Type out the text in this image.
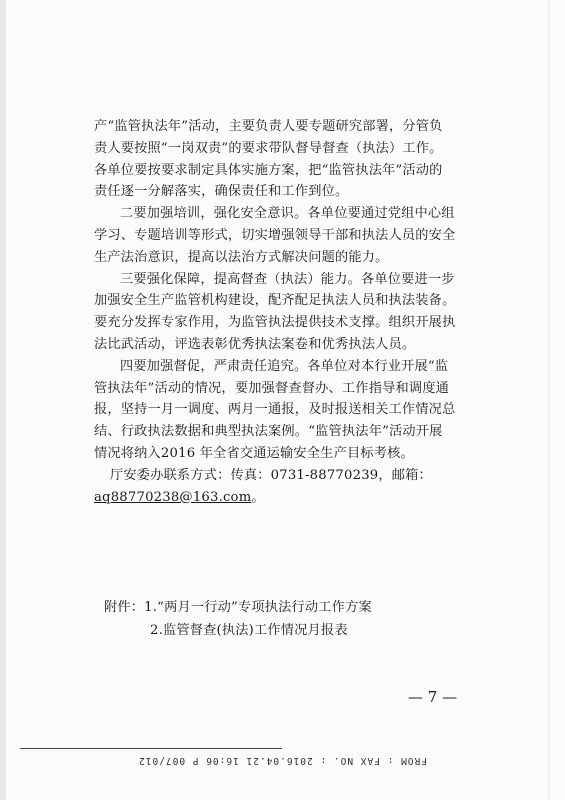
产“监管执法年”活动，主要负责人要专题研究部署，分管负
责人要按照“一岗双责”的要求带队督导督查（执法）工作。
各单位要按要求制定具体实施方案，把“监管执法年”活动的
责任逐一分解落实，确保责任和工作到位。
二要加强培训，强化安全意识。各单位要通过党组中心组
学习、专题培训等形式，切实增强领导干部和执法人员的安全
生产法治意识，提高以法治方式解决问题的能力。
三要强化保障，提高督查（执法）能力。各单位要进一步
加强安全生产监管机构建设，配齐配足执法人员和执法装备。
要充分发挥专家作用，为监管执法提供技术支撑。组织开展执
法比武活动，评选表彰优秀执法案卷和优秀执法人员。
四要加强督促，严肃责任追究。各单位对本行业开展“监
管执法年”活动的情况，要加强督查督办、工作指导和调度通
报，坚持一月一调度、两月一通报，及时报送相关工作情况总
结、行政执法数据和典型执法案例。“监管执法年”活动开展
情况将纳入2016 年全省交通运输安全生产目标考核。
厅安委办联系方式：传真：0731-88770239，邮箱：
aq88770238@163.com。
附件：1.“两月一行动”专项执法行动工作方案
2.监管督查(执法)工作情况月报表
— 7 —
FROM : FAX NO. : 2016.04.21 16:06 P 007/012
